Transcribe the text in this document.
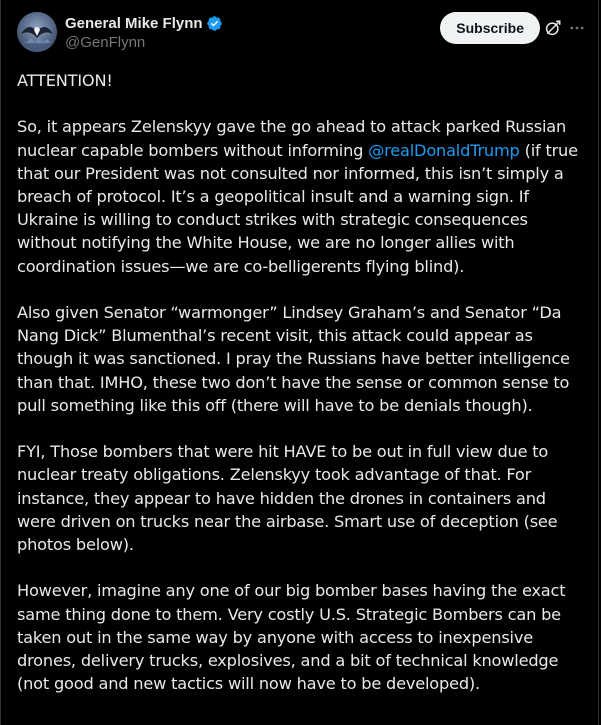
General Mike Flynn
@GenFlynn
Subscribe

ATTENTION!

So, it appears Zelenskyy gave the go ahead to attack parked Russian nuclear capable bombers without informing @realDonaldTrump (if true that our President was not consulted nor informed, this isn’t simply a breach of protocol. It’s a geopolitical insult and a warning sign. If Ukraine is willing to conduct strikes with strategic consequences without notifying the White House, we are no longer allies with coordination issues—we are co-belligerents flying blind).

Also given Senator “warmonger” Lindsey Graham’s and Senator “Da Nang Dick” Blumenthal’s recent visit, this attack could appear as though it was sanctioned. I pray the Russians have better intelligence than that. IMHO, these two don’t have the sense or common sense to pull something like this off (there will have to be denials though).

FYI, Those bombers that were hit HAVE to be out in full view due to nuclear treaty obligations. Zelenskyy took advantage of that. For instance, they appear to have hidden the drones in containers and were driven on trucks near the airbase. Smart use of deception (see photos below).

However, imagine any one of our big bomber bases having the exact same thing done to them. Very costly U.S. Strategic Bombers can be taken out in the same way by anyone with access to inexpensive drones, delivery trucks, explosives, and a bit of technical knowledge (not good and new tactics will now have to be developed).
